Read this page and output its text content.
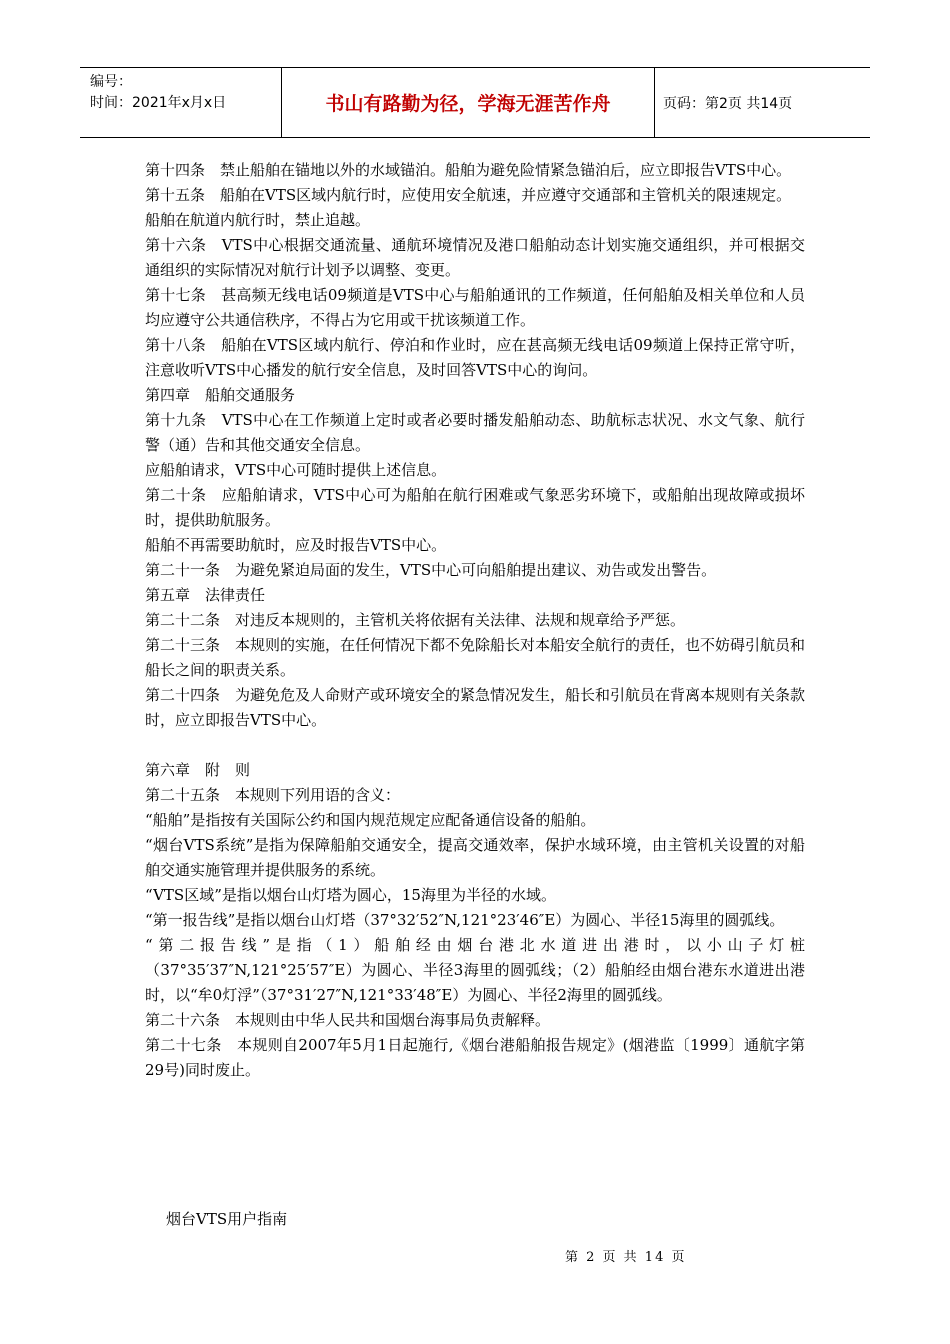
编号：
时间：2021年x月x日	书山有路勤为径，学海无涯苦作舟	页码：第2页 共14页

第十四条　禁止船舶在锚地以外的水域锚泊。船舶为避免险情紧急锚泊后，应立即报告VTS中心。

第十五条　船舶在VTS区域内航行时，应使用安全航速，并应遵守交通部和主管机关的限速规定。

船舶在航道内航行时，禁止追越。

第十六条　VTS中心根据交通流量、通航环境情况及港口船舶动态计划实施交通组织，并可根据交通组织的实际情况对航行计划予以调整、变更。

第十七条　甚高频无线电话09频道是VTS中心与船舶通讯的工作频道，任何船舶及相关单位和人员均应遵守公共通信秩序，不得占为它用或干扰该频道工作。

第十八条　船舶在VTS区域内航行、停泊和作业时，应在甚高频无线电话09频道上保持正常守听，注意收听VTS中心播发的航行安全信息，及时回答VTS中心的询问。

第四章　船舶交通服务

第十九条　VTS中心在工作频道上定时或者必要时播发船舶动态、助航标志状况、水文气象、航行警（通）告和其他交通安全信息。

应船舶请求，VTS中心可随时提供上述信息。

第二十条　应船舶请求，VTS中心可为船舶在航行困难或气象恶劣环境下，或船舶出现故障或损坏时，提供助航服务。

船舶不再需要助航时，应及时报告VTS中心。

第二十一条　为避免紧迫局面的发生，VTS中心可向船舶提出建议、劝告或发出警告。

第五章　法律责任

第二十二条　对违反本规则的，主管机关将依据有关法律、法规和规章给予严惩。

第二十三条　本规则的实施，在任何情况下都不免除船长对本船安全航行的责任，也不妨碍引航员和船长之间的职责关系。

第二十四条　为避免危及人命财产或环境安全的紧急情况发生，船长和引航员在背离本规则有关条款时，应立即报告VTS中心。

第六章　附　则

第二十五条　本规则下列用语的含义：

“船舶”是指按有关国际公约和国内规范规定应配备通信设备的船舶。

“烟台VTS系统”是指为保障船舶交通安全，提高交通效率，保护水域环境，由主管机关设置的对船舶交通实施管理并提供服务的系统。

“VTS区域”是指以烟台山灯塔为圆心，15海里为半径的水域。

“第一报告线”是指以烟台山灯塔（37°32′52″N,121°23′46″E）为圆心、半径15海里的圆弧线。

“第二报告线”是指（1）船舶经由烟台港北水道进出港时，以小山子灯桩（37°35′37″N,121°25′57″E）为圆心、半径3海里的圆弧线；（2）船舶经由烟台港东水道进出港时，以“牟0灯浮”（37°31′27″N,121°33′48″E）为圆心、半径2海里的圆弧线。

第二十六条　本规则由中华人民共和国烟台海事局负责解释。

第二十七条　本规则自2007年5月1日起施行,《烟台港船舶报告规定》(烟港监〔1999〕通航字第29号)同时废止。

烟台VTS用户指南
第 2 页 共 14 页
